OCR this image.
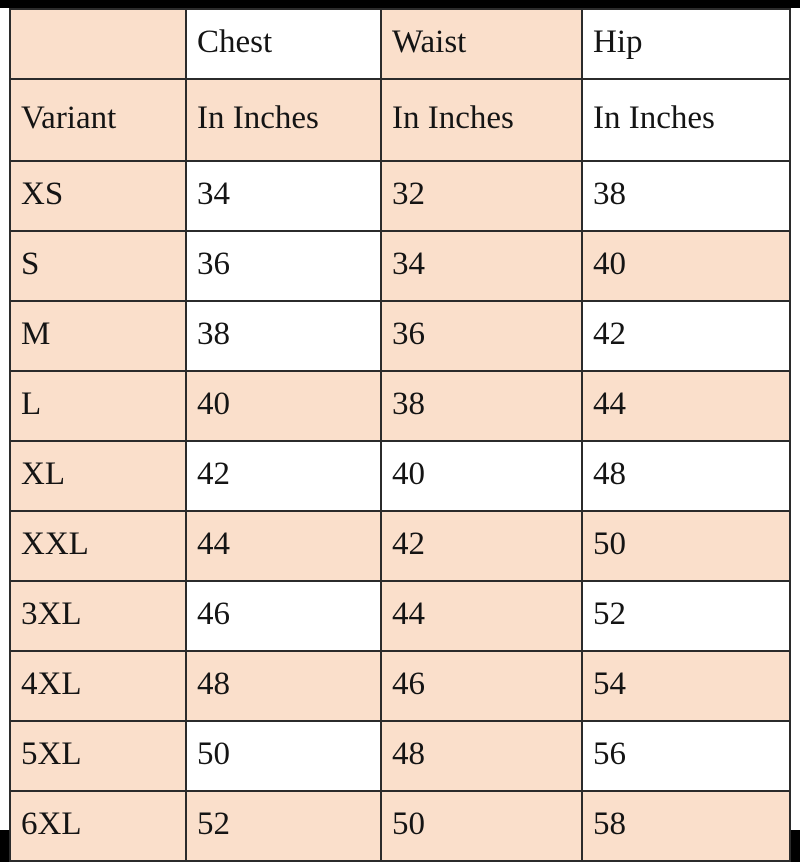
	Chest	Waist	Hip
Variant	In Inches	In Inches	In Inches
XS	34	32	38
S	36	34	40
M	38	36	42
L	40	38	44
XL	42	40	48
XXL	44	42	50
3XL	46	44	52
4XL	48	46	54
5XL	50	48	56
6XL	52	50	58
